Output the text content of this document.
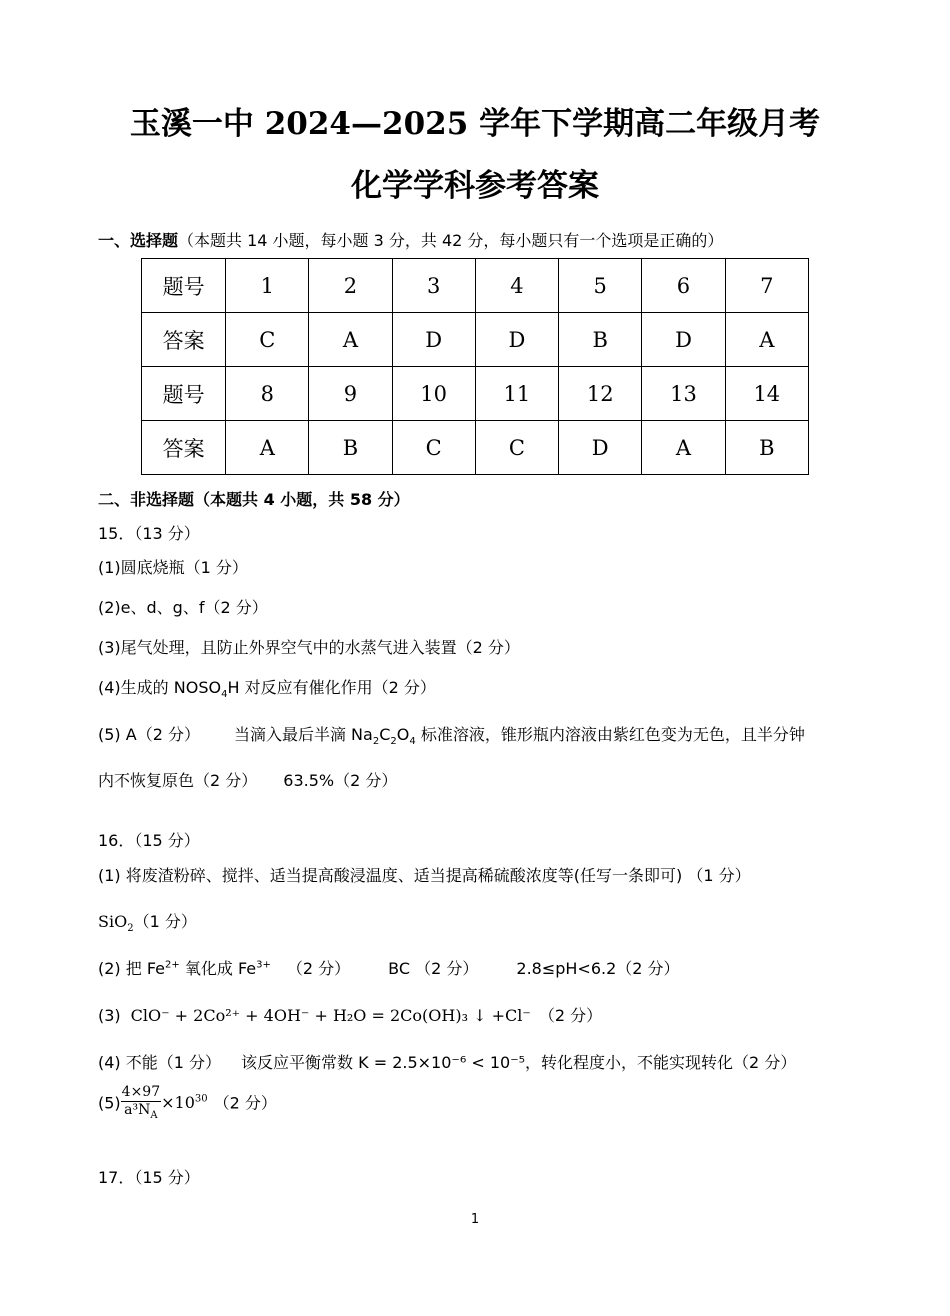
玉溪一中 2024—2025 学年下学期高二年级月考
化学学科参考答案
一、选择题（本题共 14 小题，每小题 3 分，共 42 分，每小题只有一个选项是正确的）
题号	1	2	3	4	5	6	7
答案	C	A	D	D	B	D	A
题号	8	9	10	11	12	13	14
答案	A	B	C	C	D	A	B
二、非选择题（本题共 4 小题，共 58 分）
15．（13 分）
(1)圆底烧瓶（1 分）
(2)e、d、g、f（2 分）
(3)尾气处理，且防止外界空气中的水蒸气进入装置（2 分）
(4)生成的 $NOSO_4H$ 对反应有催化作用（2 分）
(5) A（2 分） 当滴入最后半滴 $Na_2C_2O_4$ 标准溶液，锥形瓶内溶液由紫红色变为无色，且半分钟
内不恢复原色（2 分） 63.5%（2 分）
16．（15 分）
(1) 将废渣粉碎、搅拌、适当提高酸浸温度、适当提高稀硫酸浓度等(任写一条即可) （1 分）
SiO$_2$（1 分）
(2) 把 $Fe^{2+}$ 氧化成 $Fe^{3+}$ （2 分） BC （2 分） 2.8≤pH<6.2（2 分）
(3) ClO⁻ + 2Co²⁺ + 4OH⁻ + H₂O = 2Co(OH)₃ ↓ +Cl⁻ （2 分）
(4) 不能（1 分） 该反应平衡常数 K = 2.5×10⁻⁶ < 10⁻⁵，转化程度小，不能实现转化（2 分）
$(5) \frac{4\times 97}{a^3N_A} \times 10^{30}$ （2 分）
17．（15 分）
1
